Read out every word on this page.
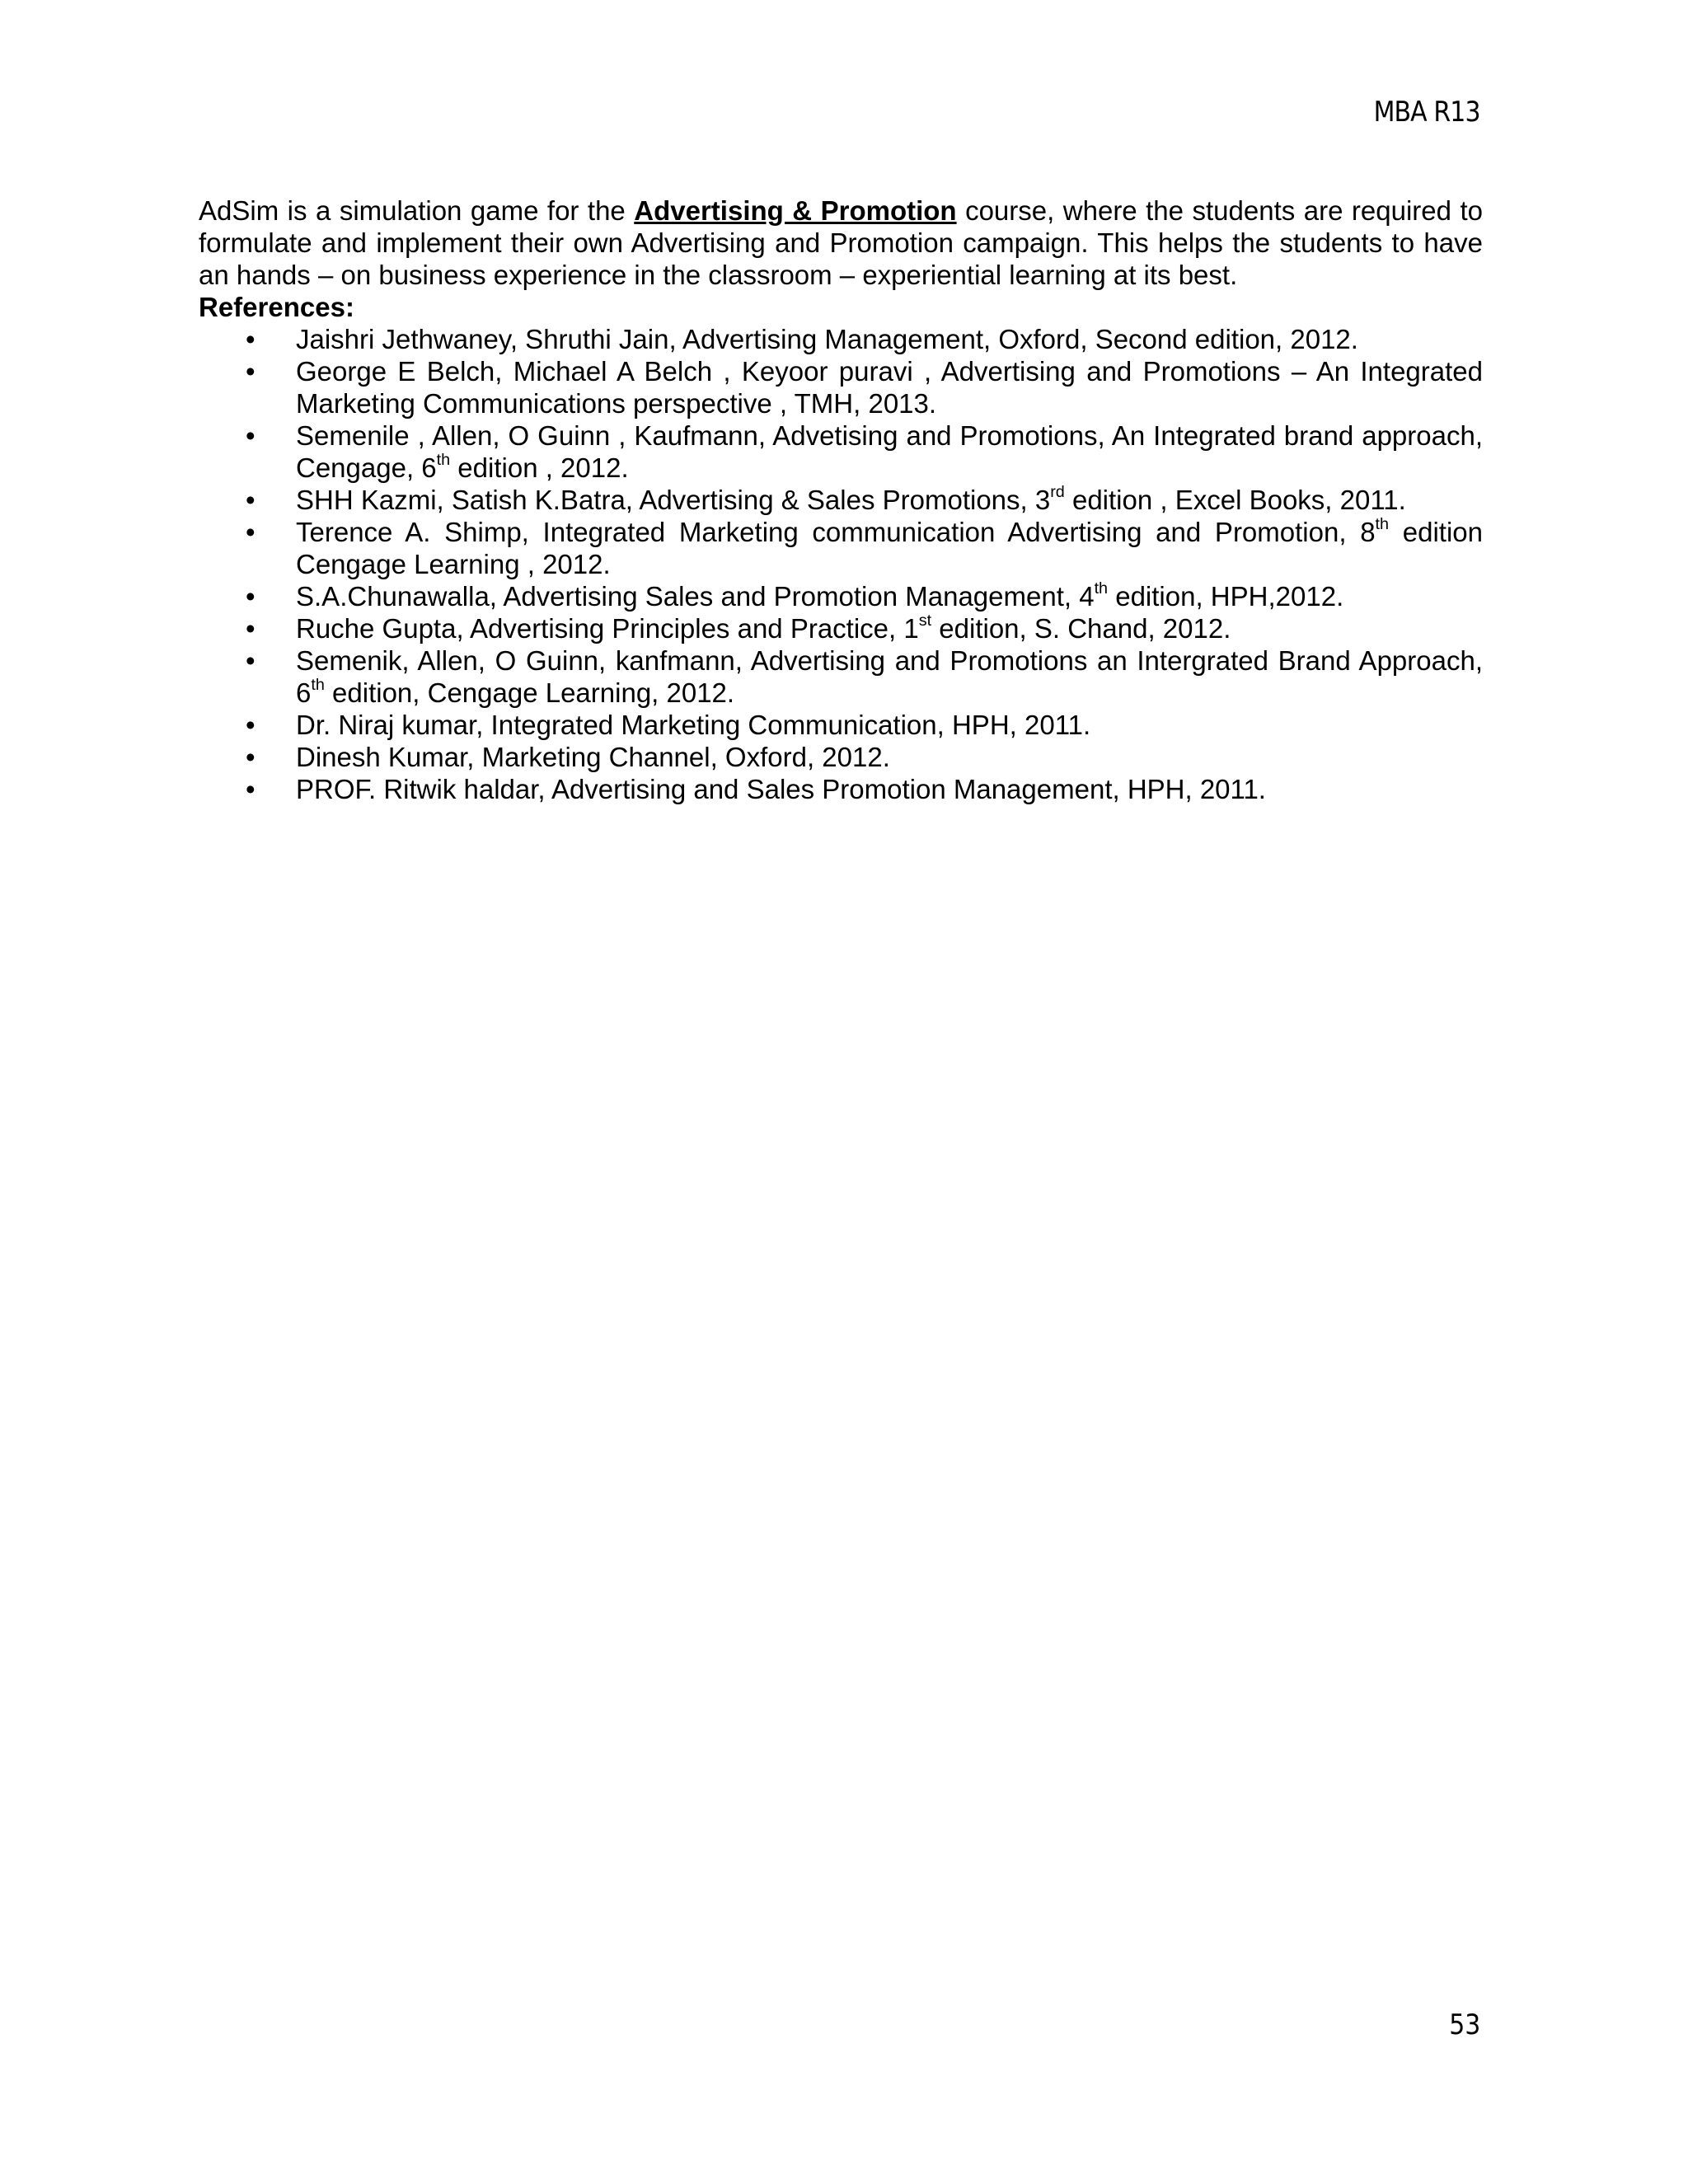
MBA R13

AdSim is a simulation game for the Advertising & Promotion course, where the students are required to formulate and implement their own Advertising and Promotion campaign. This helps the students to have an hands – on business experience in the classroom – experiential learning at its best.

References:

• Jaishri Jethwaney, Shruthi Jain, Advertising Management, Oxford, Second edition, 2012.
• George E Belch, Michael A Belch , Keyoor puravi , Advertising and Promotions – An Integrated Marketing Communications perspective , TMH, 2013.
• Semenile , Allen, O Guinn , Kaufmann, Advetising and Promotions, An Integrated brand approach, Cengage, 6th edition , 2012.
• SHH Kazmi, Satish K.Batra, Advertising & Sales Promotions, 3rd edition , Excel Books, 2011.
• Terence A. Shimp, Integrated Marketing communication Advertising and Promotion, 8th edition Cengage Learning , 2012.
• S.A.Chunawalla, Advertising Sales and Promotion Management, 4th edition, HPH,2012.
• Ruche Gupta, Advertising Principles and Practice, 1st edition, S. Chand, 2012.
• Semenik, Allen, O Guinn, kanfmann, Advertising and Promotions an Intergrated Brand Approach, 6th edition, Cengage Learning, 2012.
• Dr. Niraj kumar, Integrated Marketing Communication, HPH, 2011.
• Dinesh Kumar, Marketing Channel, Oxford, 2012.
• PROF. Ritwik haldar, Advertising and Sales Promotion Management, HPH, 2011.
53
